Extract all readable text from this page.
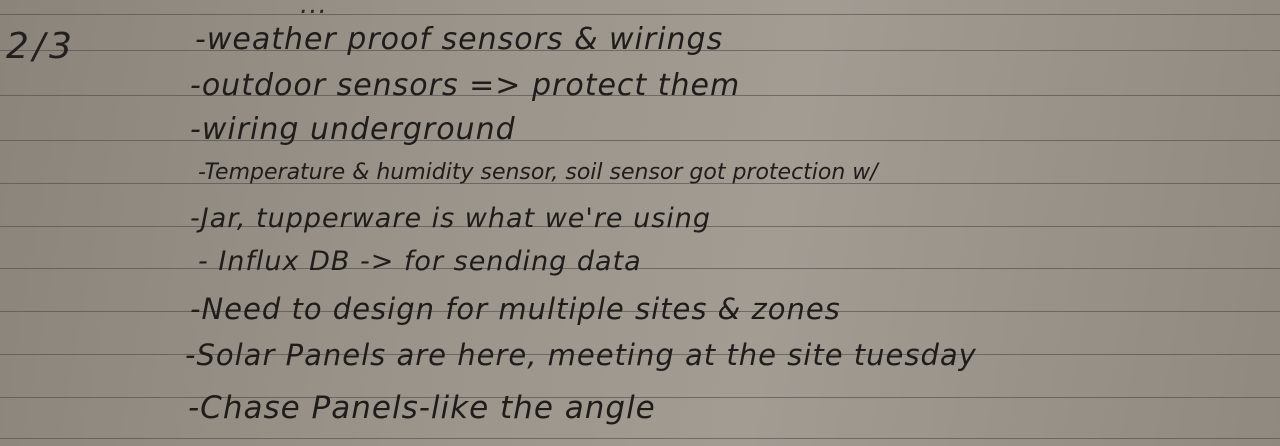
...
2/3	-weather proof sensors & wirings
-outdoor sensors => protect them
-wiring underground
-Temperature & humidity sensor, soil sensor got protection w/
-Jar, tupperware is what we're using
- Influx DB -> for sending data
-Need to design for multiple sites & zones
-Solar Panels are here, meeting at the site tuesday
-Chase Panels-like the angle
